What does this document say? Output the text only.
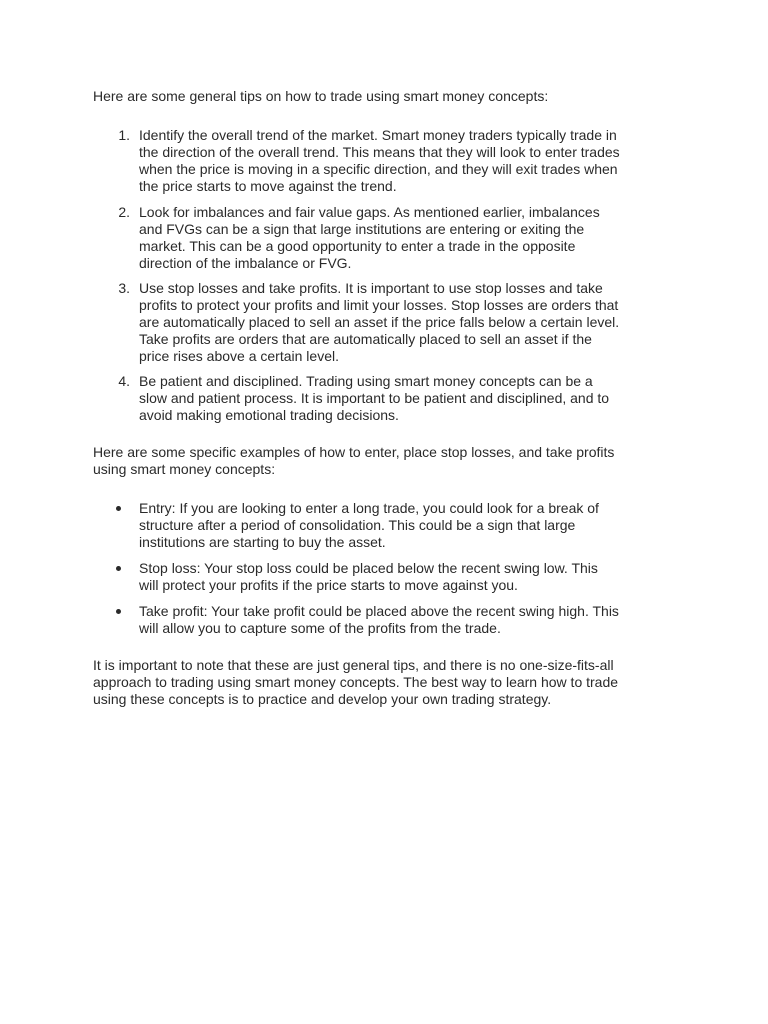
Here are some general tips on how to trade using smart money concepts:
1. Identify the overall trend of the market. Smart money traders typically trade in
the direction of the overall trend. This means that they will look to enter trades
when the price is moving in a specific direction, and they will exit trades when
the price starts to move against the trend.
2. Look for imbalances and fair value gaps. As mentioned earlier, imbalances
and FVGs can be a sign that large institutions are entering or exiting the
market. This can be a good opportunity to enter a trade in the opposite
direction of the imbalance or FVG.
3. Use stop losses and take profits. It is important to use stop losses and take
profits to protect your profits and limit your losses. Stop losses are orders that
are automatically placed to sell an asset if the price falls below a certain level.
Take profits are orders that are automatically placed to sell an asset if the
price rises above a certain level.
4. Be patient and disciplined. Trading using smart money concepts can be a
slow and patient process. It is important to be patient and disciplined, and to
avoid making emotional trading decisions.
Here are some specific examples of how to enter, place stop losses, and take profits
using smart money concepts:
Entry: If you are looking to enter a long trade, you could look for a break of
structure after a period of consolidation. This could be a sign that large
institutions are starting to buy the asset.
Stop loss: Your stop loss could be placed below the recent swing low. This
will protect your profits if the price starts to move against you.
Take profit: Your take profit could be placed above the recent swing high. This
will allow you to capture some of the profits from the trade.
It is important to note that these are just general tips, and there is no one-size-fits-all
approach to trading using smart money concepts. The best way to learn how to trade
using these concepts is to practice and develop your own trading strategy.
